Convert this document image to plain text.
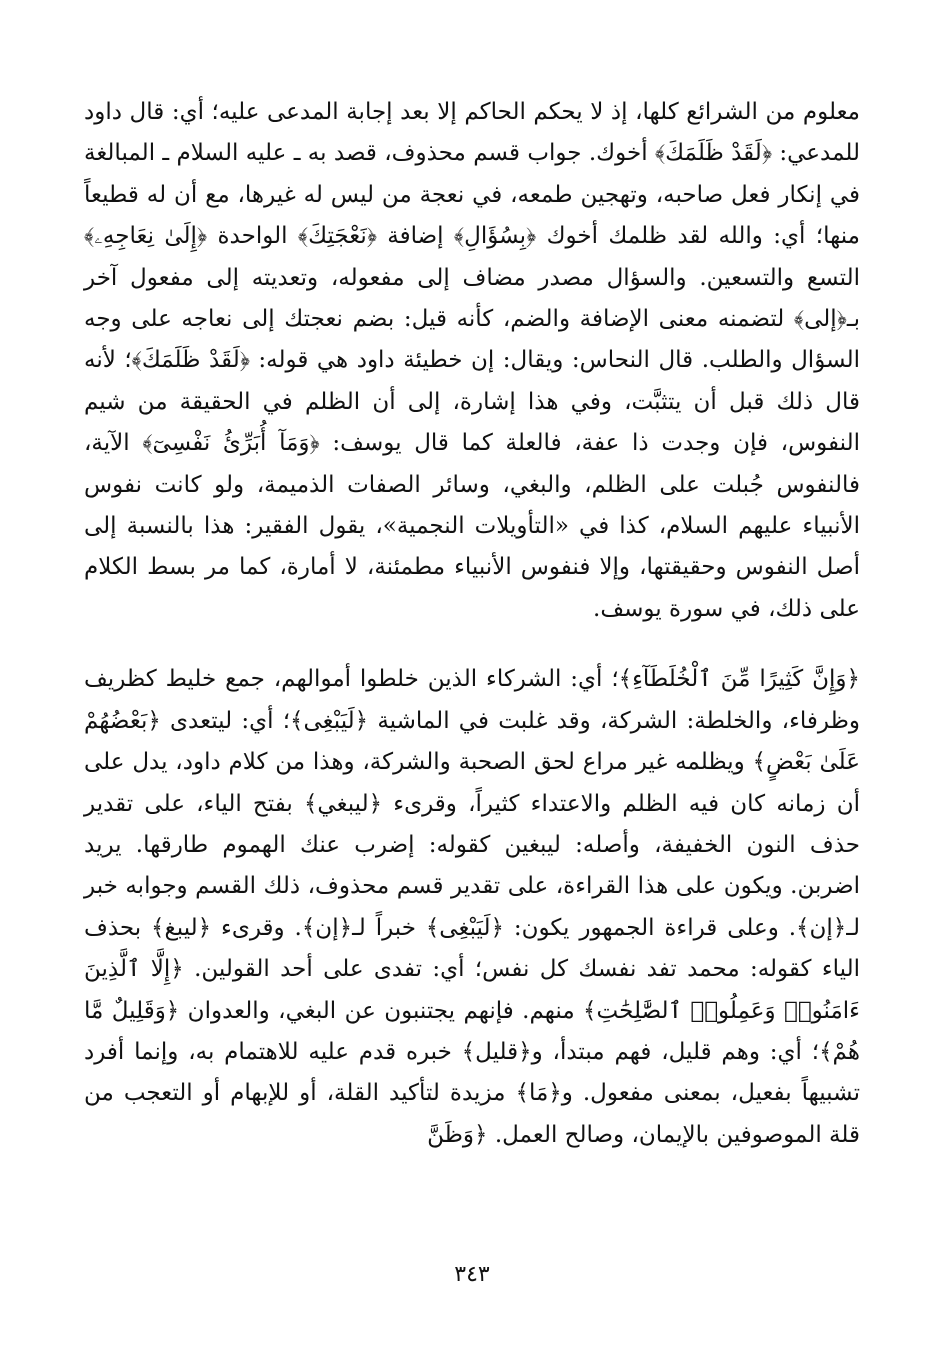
معلوم من الشرائع كلها، إذ لا يحكم الحاكم إلا بعد إجابة المدعى عليه؛ أي: قال داود للمدعي: ﴿لَقَدْ ظَلَمَكَ﴾ أخوك. جواب قسم محذوف، قصد به ـ عليه السلام ـ المبالغة في إنكار فعل صاحبه، وتهجين طمعه، في نعجة من ليس له غيرها، مع أن له قطيعاً منها؛ أي: والله لقد ظلمك أخوك ﴿بِسُؤَالِ﴾ إضافة ﴿نَعْجَتِكَ﴾ الواحدة ﴿إِلَىٰ نِعَاجِهِۦ﴾ التسع والتسعين. والسؤال مصدر مضاف إلى مفعوله، وتعديته إلى مفعول آخر بـ﴿إلى﴾ لتضمنه معنى الإضافة والضم، كأنه قيل: بضم نعجتك إلى نعاجه على وجه السؤال والطلب. قال النحاس: ويقال: إن خطيئة داود هي قوله: ﴿لَقَدْ ظَلَمَكَ﴾؛ لأنه قال ذلك قبل أن يتثبَّت، وفي هذا إشارة، إلى أن الظلم في الحقيقة من شيم النفوس، فإن وجدت ذا عفة، فالعلة كما قال يوسف: ﴿وَمَآ أُبَرِّئُ نَفْسِىٓ﴾ الآية، فالنفوس جُبلت على الظلم، والبغي، وسائر الصفات الذميمة، ولو كانت نفوس الأنبياء عليهم السلام، كذا في «التأويلات النجمية»، يقول الفقير: هذا بالنسبة إلى أصل النفوس وحقيقتها، وإلا فنفوس الأنبياء مطمئنة، لا أمارة، كما مر بسط الكلام على ذلك، في سورة يوسف.

﴿وَإِنَّ كَثِيرًا مِّنَ ٱلْخُلَطَآءِ﴾؛ أي: الشركاء الذين خلطوا أموالهم، جمع خليط كظريف وظرفاء، والخلطة: الشركة، وقد غلبت في الماشية ﴿لَيَبْغِى﴾؛ أي: ليتعدى ﴿بَعْضُهُمْ عَلَىٰ بَعْضٍ﴾ ويظلمه غير مراع لحق الصحبة والشركة، وهذا من كلام داود، يدل على أن زمانه كان فيه الظلم والاعتداء كثيراً، وقرىء ﴿ليبغي﴾ بفتح الياء، على تقدير حذف النون الخفيفة، وأصله: ليبغين كقوله: إضرب عنك الهموم طارقها. يريد اضربن. ويكون على هذا القراءة، على تقدير قسم محذوف، ذلك القسم وجوابه خبر لـ﴿إن﴾. وعلى قراءة الجمهور يكون: ﴿لَيَبْغِى﴾ خبراً لـ﴿إن﴾. وقرىء ﴿ليبغ﴾ بحذف الياء كقوله: محمد تفد نفسك كل نفس؛ أي: تفدى على أحد القولين. ﴿إِلَّا ٱلَّذِينَ ءَامَنُوا۟ وَعَمِلُوا۟ ٱلصَّٰلِحَٰتِ﴾ منهم. فإنهم يجتنبون عن البغي، والعدوان ﴿وَقَلِيلٌ مَّا هُمْ﴾؛ أي: وهم قليل، فهم مبتدأ، و﴿قليل﴾ خبره قدم عليه للاهتمام به، وإنما أفرد تشبيهاً بفعيل، بمعنى مفعول. و﴿مَا﴾ مزيدة لتأكيد القلة، أو للإبهام أو التعجب من قلة الموصوفين بالإيمان، وصالح العمل. ﴿وَظَنَّ

٣٤٣
